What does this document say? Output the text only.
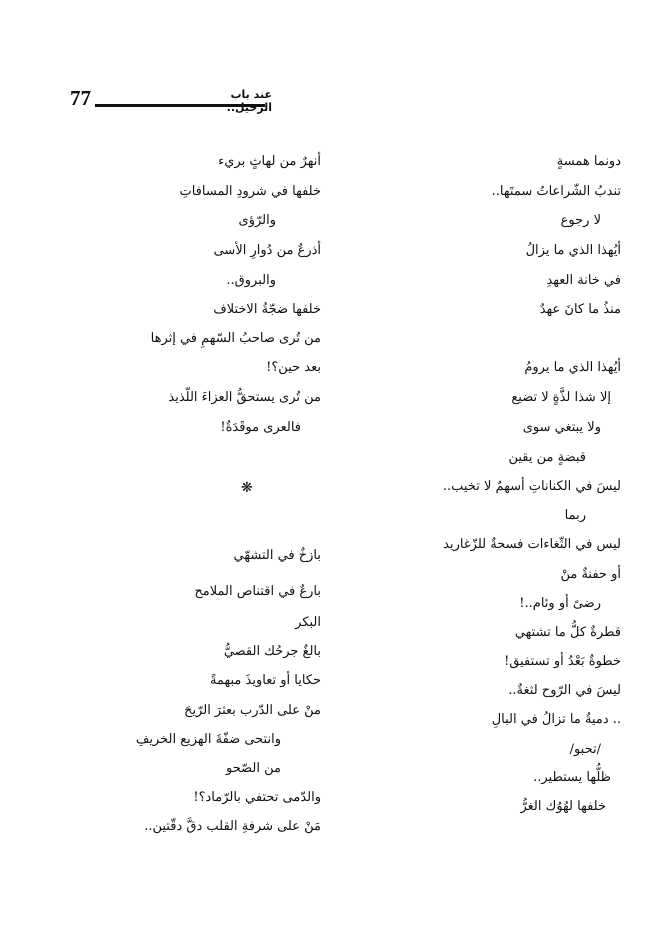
77	عند باب الرحيل..
دونما همسةٍ
تندبُ الشّراعاتُ سمتَها..
لا رجوع
أيُهذا الذي ما يزالُ
في خانة العهدِ
منذُ ما كانَ عهدٌ
أيُهذا الذي ما يرومُ
إلا شذا لذَّةٍ لا تضيع
ولا يبتغي سوى
قبضةٍ من يقين
ليسَ في الكناناتِ أسهمٌ لا تخيب..
ربما
ليس في الثّغاءات فسحةٌ للزّغاريد
أو حفنةٌ منْ
رضىً أو وئام..!
قطرةٌ كلُّ ما تشتهي
خطوةٌ بَعْدُ أو تستفيق!
ليسَ في الرّوح لثغةٌ..
.. دميةٌ ما تزالُ في البالِ
/تحبو/
ظلُّها يستطير..
خلفها لهُوُك الغرُّ
أنهرٌ من لهاثٍ بريء
خلفها في شرودِ المسافاتِ
والرّؤى
أذرعٌ من دُوارِ الأسى
والبروق..
خلفها ضجّةُ الاختلاف
من تُرى صاحبُ السّهمِ في إثرها
بعد حين؟!
من تُرى يستحقُّ العزاءَ اللّذيذ
فالعرى موقَدَةٌ!
بازخٌ في التشهّي
بارعٌ في اقتناص الملامح
البكر
بالغٌ جرحُك القصيُّ
حكايا أو تعاويذَ مبهمةً
منْ على الدّرب بعثرَ الرّيحَ
وانتحى ضفّةَ الهزيع الخريفِ
من الصّحو
والدّمى تحتفي بالرّماد؟!
مَنْ على شرفةِ القلب دقَّ دقّتين..
❋
